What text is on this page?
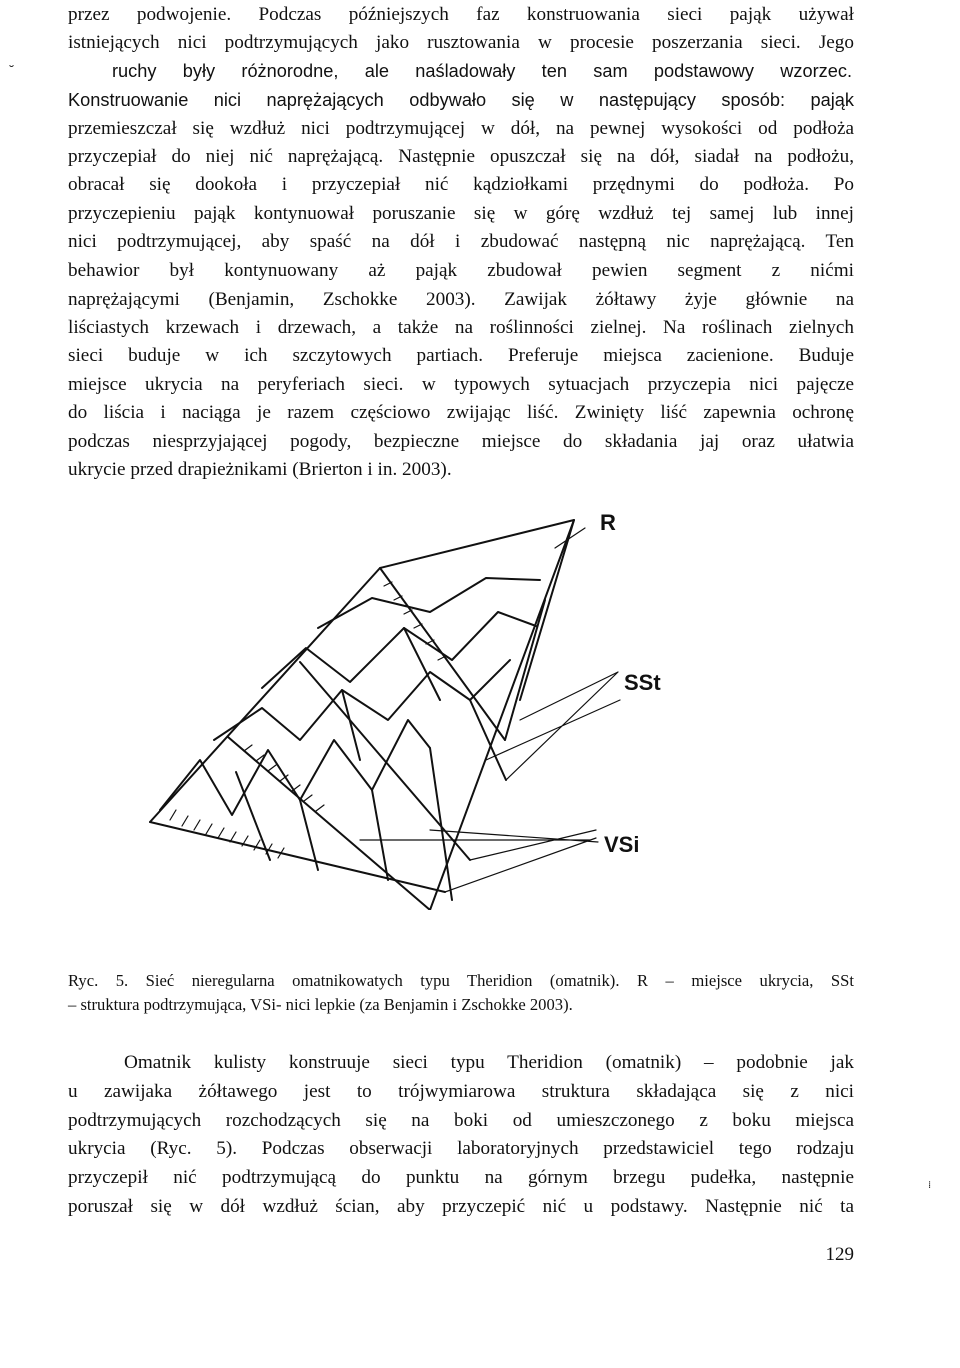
przez podwojenie. Podczas późniejszych faz konstruowania sieci pająk używał
istniejących nici podtrzymujących jako rusztowania w procesie poszerzania sieci. Jego
ruchy były różnorodne, ale naśladowały ten sam podstawowy wzorzec.
Konstruowanie nici naprężających odbywało się w następujący sposób: pająk
przemieszczał się wzdłuż nici podtrzymującej w dół, na pewnej wysokości od podłoża
przyczepiał do niej nić naprężającą. Następnie opuszczał się na dół, siadał na podłożu,
obracał się dookoła i przyczepiał nić kądziołkami przędnymi do podłoża. Po
przyczepieniu pająk kontynuował poruszanie się w górę wzdłuż tej samej lub innej
nici podtrzymującej, aby spaść na dół i zbudować następną nic naprężającą. Ten
behawior był kontynuowany aż pająk zbudował pewien segment z nićmi
naprężającymi (Benjamin, Zschokke 2003). Zawijak żółtawy żyje głównie na
liściastych krzewach i drzewach, a także na roślinności zielnej. Na roślinach zielnych
sieci buduje w ich szczytowych partiach. Preferuje miejsca zacienione. Buduje
miejsce ukrycia na peryferiach sieci. w typowych sytuacjach przyczepia nici pajęcze
do liścia i naciąga je razem częściowo zwijając liść. Zwinięty liść zapewnia ochronę
podczas niesprzyjającej pogody, bezpieczne miejsce do składania jaj oraz ułatwia
ukrycie przed drapieżnikami (Brierton i in. 2003).
˘
R
SSt
VSi
Ryc. 5. Sieć nieregularna omatnikowatych typu Theridion (omatnik). R – miejsce ukrycia, SSt
– struktura podtrzymująca, VSi- nici lepkie (za Benjamin i Zschokke 2003).
Omatnik kulisty konstruuje sieci typu Theridion (omatnik) – podobnie jak
u zawijaka żółtawego jest to trójwymiarowa struktura składająca się z nici
podtrzymujących rozchodzących się na boki od umieszczonego z boku miejsca
ukrycia (Ryc. 5). Podczas obserwacji laboratoryjnych przedstawiciel tego rodzaju
przyczepił nić podtrzymującą do punktu na górnym brzegu pudełka, następnie
poruszał się w dół wzdłuż ścian, aby przyczepić nić u podstawy. Następnie nić ta
⁞
129
